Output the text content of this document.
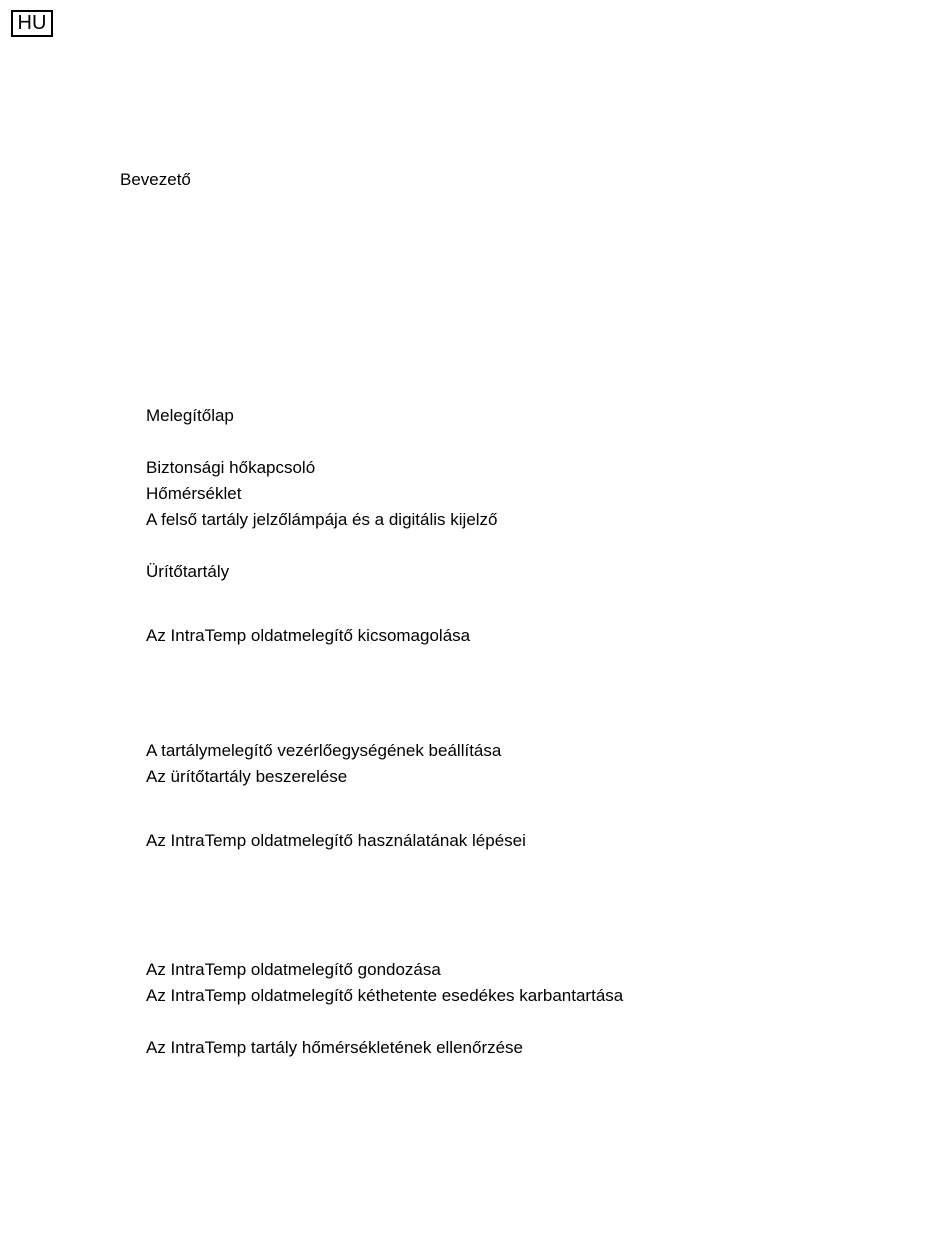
HU
Bevezető
Melegítőlap
Biztonsági hőkapcsoló
Hőmérséklet
A felső tartály jelzőlámpája és a digitális kijelző
Ürítőtartály
Az IntraTemp oldatmelegítő kicsomagolása
A tartálymelegítő vezérlőegységének beállítása
Az ürítőtartály beszerelése
Az IntraTemp oldatmelegítő használatának lépései
Az IntraTemp oldatmelegítő gondozása
Az IntraTemp oldatmelegítő kéthetente esedékes karbantartása
Az IntraTemp tartály hőmérsékletének ellenőrzése
